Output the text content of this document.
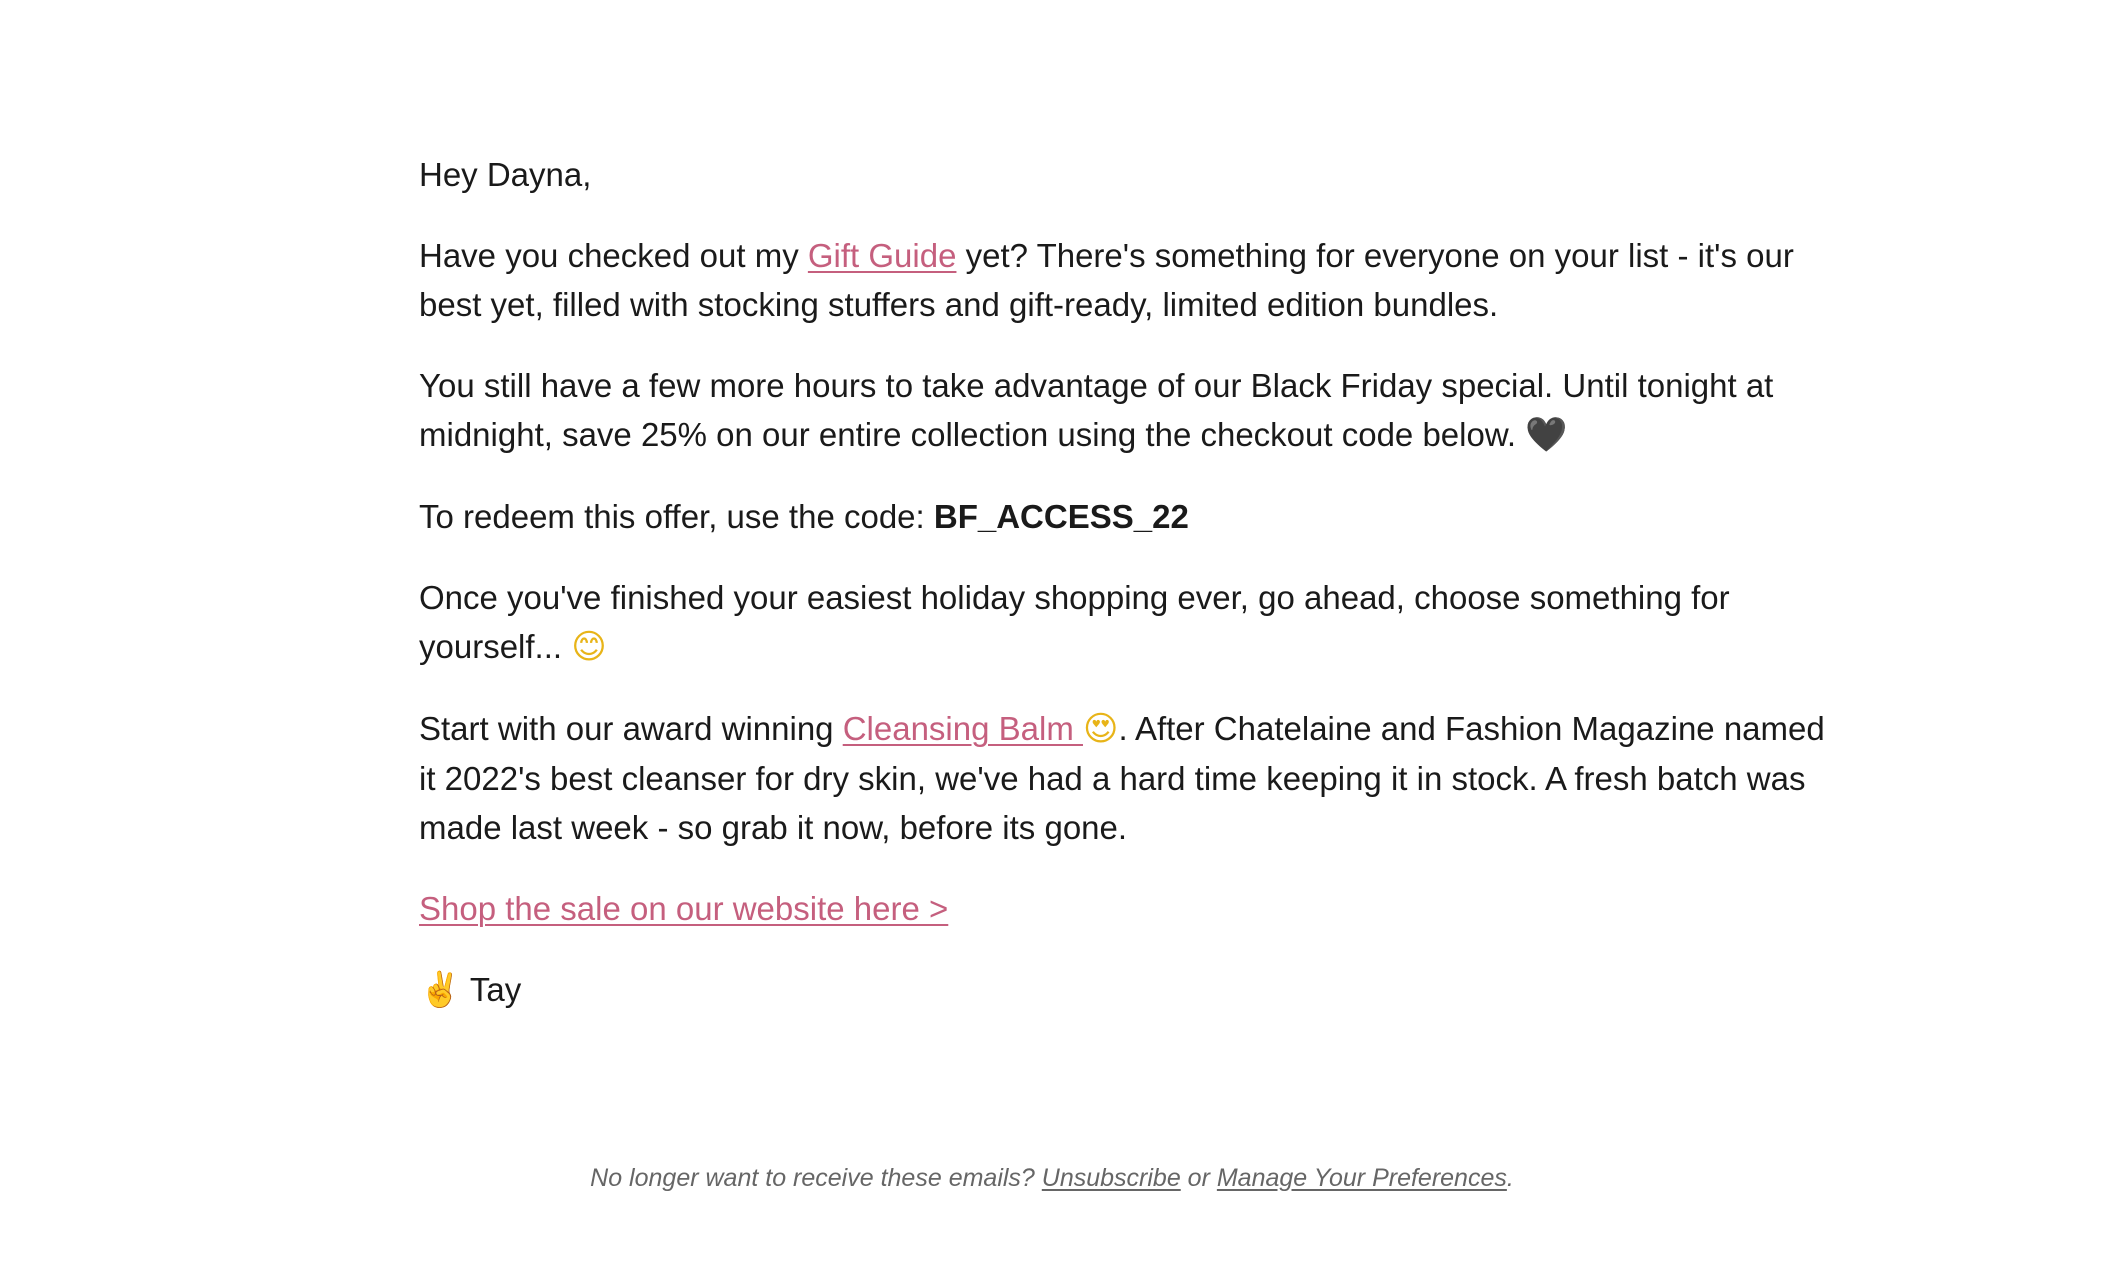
Hey Dayna,

Have you checked out my Gift Guide yet? There's something for everyone on your list - it's our best yet, filled with stocking stuffers and gift-ready, limited edition bundles.

You still have a few more hours to take advantage of our Black Friday special. Until tonight at midnight, save 25% on our entire collection using the checkout code below. 🖤

To redeem this offer, use the code: BF_ACCESS_22

Once you've finished your easiest holiday shopping ever, go ahead, choose something for yourself... 😊

Start with our award winning Cleansing Balm 😍. After Chatelaine and Fashion Magazine named it 2022's best cleanser for dry skin, we've had a hard time keeping it in stock. A fresh batch was made last week - so grab it now, before its gone.

Shop the sale on our website here >

✌️ Tay

No longer want to receive these emails? Unsubscribe or Manage Your Preferences.
